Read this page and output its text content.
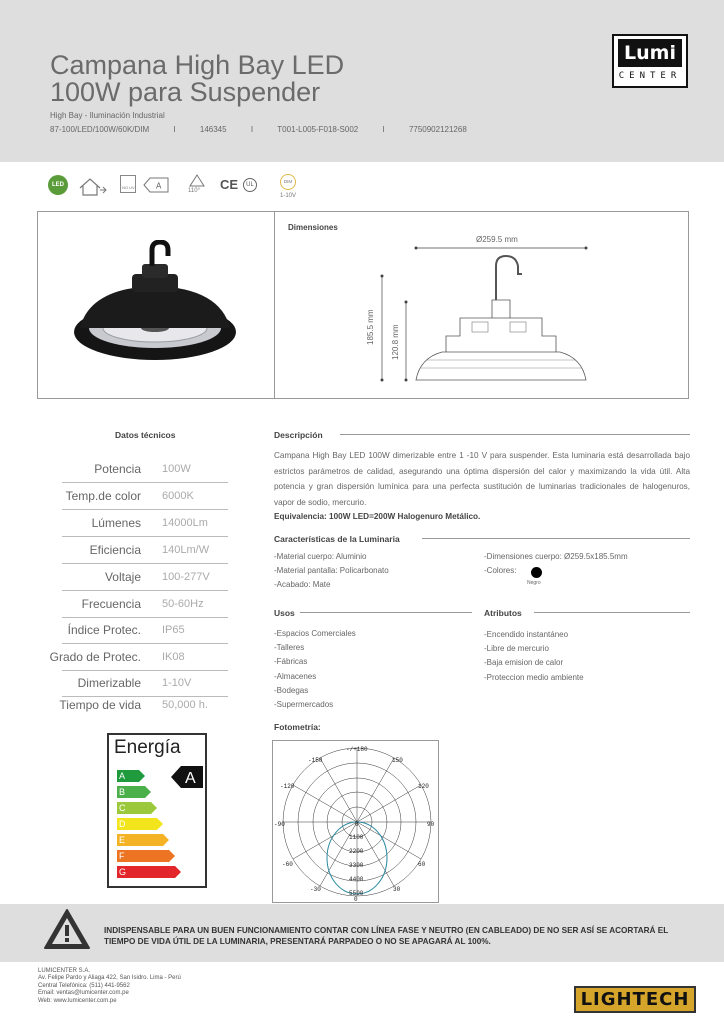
Campana High Bay LED
100W para Suspender
High Bay - Iluminación Industrial
87-100/LED/100W/60K/DIM	I	146345	I	T001-L005-F018-S002	I	7750902121268
Lumi
CENTER
LED	NO UV	A
110° CE	UL
DIM
1-10V
Dimensiones
Ø259.5 mm
185.5 mm 120.8 mm
Datos técnicos
Potencia 100W
Temp.de color 6000K
Lúmenes 14000Lm
Eficiencia 140Lm/W
Voltaje 100-277V
Frecuencia 50-60Hz
Índice Protec. IP65
Grado de Protec. IK08
Dimerizable 1-10V
Tiempo de vida 50,000 h.
Descripción
Campana High Bay LED 100W dimerizable entre 1 -10 V para suspender. Esta luminaria está desarrollada bajo estrictos parámetros de calidad, asegurando una óptima dispersión del calor y maximizando la vida útil. Alta potencia y gran dispersión lumínica para una perfecta sustitución de luminarias tradicionales de halogenuros, vapor de sodio, mercurio.
Equivalencia: 100W LED=200W Halogenuro Metálico.
Características de la Luminaria
-Material cuerpo: Aluminio
-Material pantalla: Policarbonato
-Acabado: Mate
-Dimensiones cuerpo: Ø259.5x185.5mm
-Colores:
Negro
Usos
-Espacios Comerciales
-Talleres
-Fábricas
-Almacenes
-Bodegas
-Supermercados
Atributos
-Encendido instantáneo
-Libre de mercurio
-Baja emision de calor
-Proteccion medio ambiente
Energía
A
B
C
D
E
F
G
A
Fotometría:
-/+180
-150
-120
-90
-60
-30
150
120
90
60
30
0
0
1100
2200
3300
4400
5500
INDISPENSABLE PARA UN BUEN FUNCIONAMIENTO CONTAR CON LÍNEA FASE Y NEUTRO (EN CABLEADO) DE NO SER ASÍ SE ACORTARÁ EL TIEMPO DE VIDA ÚTIL DE LA LUMINARIA, PRESENTARÁ PARPADEO O NO SE APAGARÁ AL 100%.
LUMICENTER S.A.
Av. Felipe Pardo y Aliaga 422, San Isidro. Lima - Perú
Central Telefónica: (511) 441-9562
Email: ventas@lumicenter.com.pe
Web: www.lumicenter.com.pe	LIGHTECH
